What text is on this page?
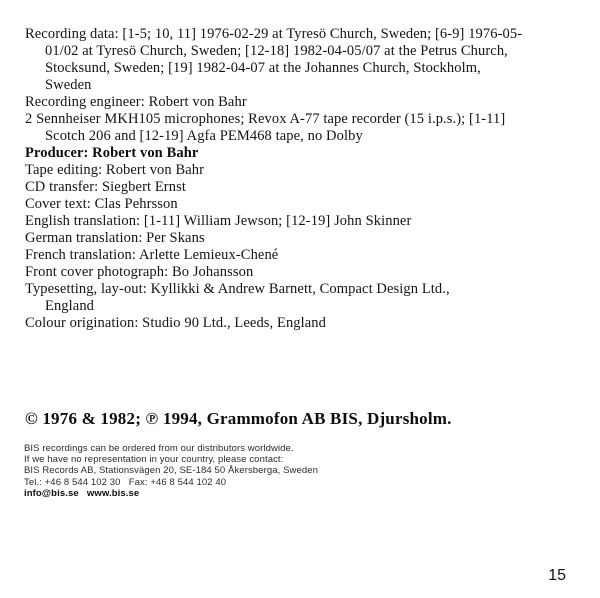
Recording data: [1-5; 10, 11] 1976-02-29 at Tyresö Church, Sweden; [6-9] 1976-05-
01/02 at Tyresö Church, Sweden; [12-18] 1982-04-05/07 at the Petrus Church,
Stocksund, Sweden; [19] 1982-04-07 at the Johannes Church, Stockholm,
Sweden
Recording engineer: Robert von Bahr
2 Sennheiser MKH105 microphones; Revox A-77 tape recorder (15 i.p.s.); [1-11]
Scotch 206 and [12-19] Agfa PEM468 tape, no Dolby
Producer: Robert von Bahr
Tape editing: Robert von Bahr
CD transfer: Siegbert Ernst
Cover text: Clas Pehrsson
English translation: [1-11] William Jewson; [12-19] John Skinner
German translation: Per Skans
French translation: Arlette Lemieux-Chené
Front cover photograph: Bo Johansson
Typesetting, lay-out: Kyllikki & Andrew Barnett, Compact Design Ltd.,
England
Colour origination: Studio 90 Ltd., Leeds, England
© 1976 & 1982; ℗ 1994, Grammofon AB BIS, Djursholm.
BIS recordings can be ordered from our distributors worldwide.
If we have no representation in your country, please contact:
BIS Records AB, Stationsvägen 20, SE-184 50 Åkersberga, Sweden
Tel.: +46 8 544 102 30   Fax: +46 8 544 102 40
info@bis.se   www.bis.se
15
